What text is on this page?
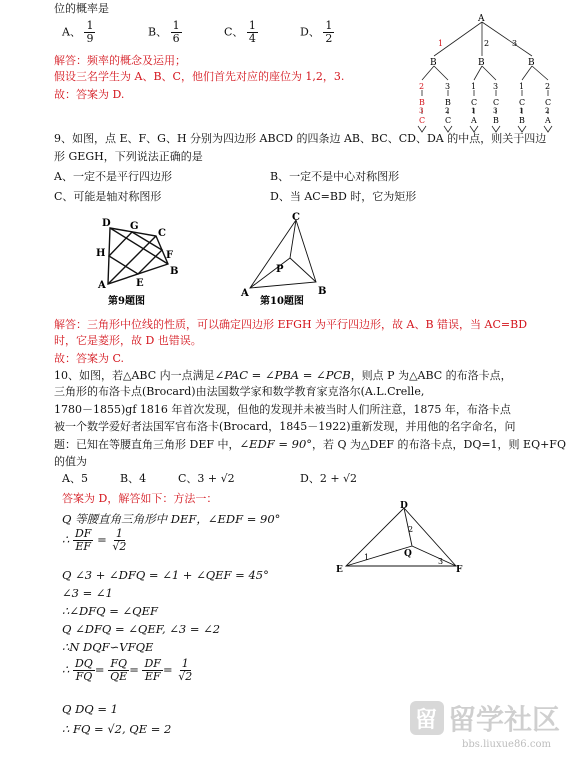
位的概率是
A、 $\frac{1}{9}$	B、 $\frac{1}{6}$	C、 $\frac{1}{4}$	D、 $\frac{1}{2}$
解答：频率的概念及运用；
假设三名学生为 A、B、C，他们首先对应的座位为 1,2，3.
故：答案为 D.
A
1	2	3
B	B	B
2	3	1 3	1	2
B	B	C C C C
3	2	1	3	1	2
C C A B	B	A
9、如图，点 E、F、G、H 分别为四边形 ABCD 的四条边 AB、BC、CD、DA 的中点，则关于四边
形 GEGH，下列说法正确的是
A、一定不是平行四边形	B、一定不是中心对称图形
C、可能是轴对称图形	D、当 AC=BD 时，它为矩形
D G
C
H	F
A	E
B
第9题图
C
P
A	B
第10题图
解答：三角形中位线的性质，可以确定四边形 EFGH 为平行四边形，故 A、B 错误，当 AC=BD
时，它是菱形，故 D 也错误。
故：答案为 C.
10、如图，若△ABC 内一点满足∠PAC = ∠PBA = ∠PCB，则点 P 为△ABC 的布洛卡点，
三角形的布洛卡点(Brocard)由法国数学家和数学教育家克洛尔(A.L.Crelle,
1780－1855)gf 1816 年首次发现，但他的发现并未被当时人们所注意，1875 年，布洛卡点
被一个数学爱好者法国军官布洛卡(Brocard，1845－1922)重新发现，并用他的名字命名，问
题：已知在等腰直角三角形 DEF 中，∠EDF = 90°，若 Q 为△DEF 的布洛卡点，DQ=1，则 EQ+FQ
的值为
A、5	B、4	C、3 + √2	D、2 + √2
答案为 D，解答如下：方法一：
Q 等腰直角三角形中 DEF，∠EDF = 90°
∴ $\frac{DF}{EF} = \frac{1}{√2}$
Q ∠3 + ∠DFQ = ∠1 + ∠QEF = 45°
∠3 = ∠1
∴∠DFQ = ∠QEF
Q ∠DFQ = ∠QEF, ∠3 = ∠2
∴N DQF∽VFQE
∴ $\frac{DQ}{FQ} = \frac{FQ}{QE} = \frac{DF}{EF} = \frac{1}{√2}$
Q DQ = 1
∴ FQ = √2, QE = 2
D
2
Q
1	3
E	F
留 留学社区
bbs.liuxue86.com
